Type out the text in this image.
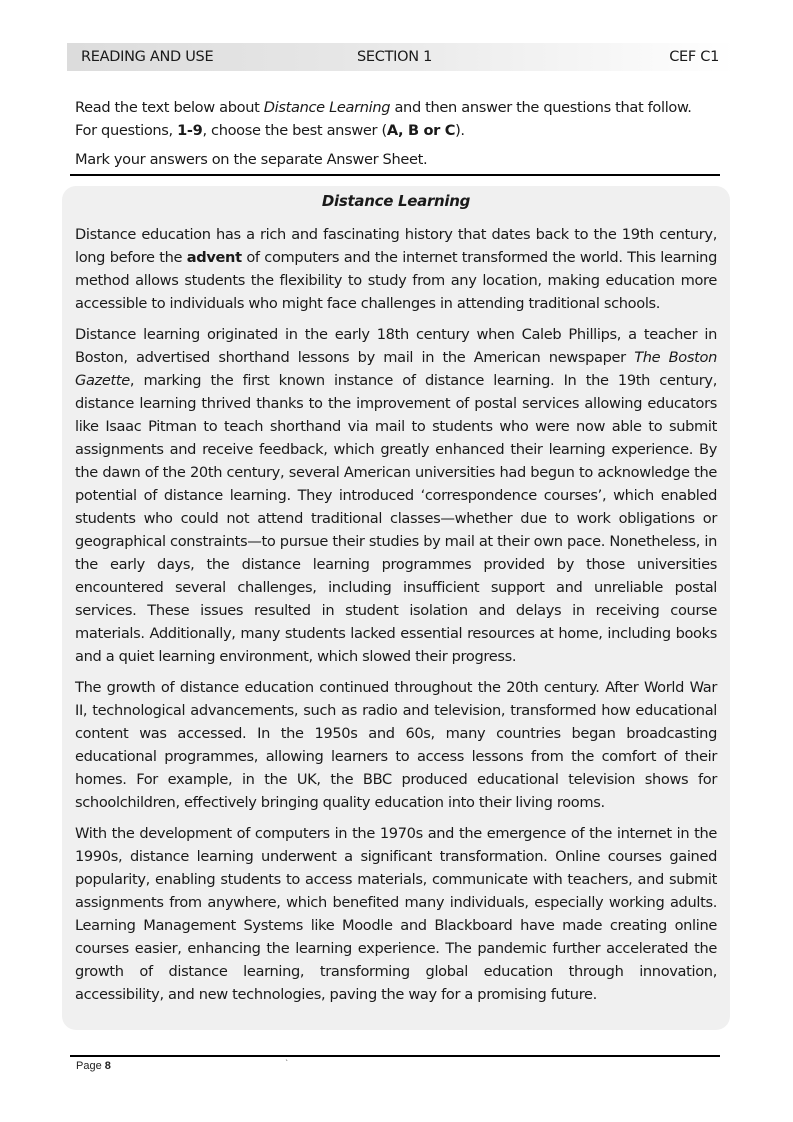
READING AND USE	SECTION 1	CEF C1

Read the text below about Distance Learning and then answer the questions that follow.

For questions, 1-9, choose the best answer (A, B or C).

Mark your answers on the separate Answer Sheet.

Distance Learning

Distance education has a rich and fascinating history that dates back to the 19th century, long before the advent of computers and the internet transformed the world. This learning method allows students the flexibility to study from any location, making education more accessible to individuals who might face challenges in attending traditional schools.

Distance learning originated in the early 18th century when Caleb Phillips, a teacher in Boston, advertised shorthand lessons by mail in the American newspaper The Boston Gazette, marking the first known instance of distance learning. In the 19th century, distance learning thrived thanks to the improvement of postal services allowing educators like Isaac Pitman to teach shorthand via mail to students who were now able to submit assignments and receive feedback, which greatly enhanced their learning experience. By the dawn of the 20th century, several American universities had begun to acknowledge the potential of distance learning. They introduced ‘correspondence courses’, which enabled students who could not attend traditional classes—whether due to work obligations or geographical constraints—to pursue their studies by mail at their own pace. Nonetheless, in the early days, the distance learning programmes provided by those universities encountered several challenges, including insufficient support and unreliable postal services. These issues resulted in student isolation and delays in receiving course materials. Additionally, many students lacked essential resources at home, including books and a quiet learning environment, which slowed their progress.

The growth of distance education continued throughout the 20th century. After World War II, technological advancements, such as radio and television, transformed how educational content was accessed. In the 1950s and 60s, many countries began broadcasting educational programmes, allowing learners to access lessons from the comfort of their homes. For example, in the UK, the BBC produced educational television shows for schoolchildren, effectively bringing quality education into their living rooms.

With the development of computers in the 1970s and the emergence of the internet in the 1990s, distance learning underwent a significant transformation. Online courses gained popularity, enabling students to access materials, communicate with teachers, and submit assignments from anywhere, which benefited many individuals, especially working adults. Learning Management Systems like Moodle and Blackboard have made creating online courses easier, enhancing the learning experience. The pandemic further accelerated the growth of distance learning, transforming global education through innovation, accessibility, and new technologies, paving the way for a promising future.

Page 8	`
